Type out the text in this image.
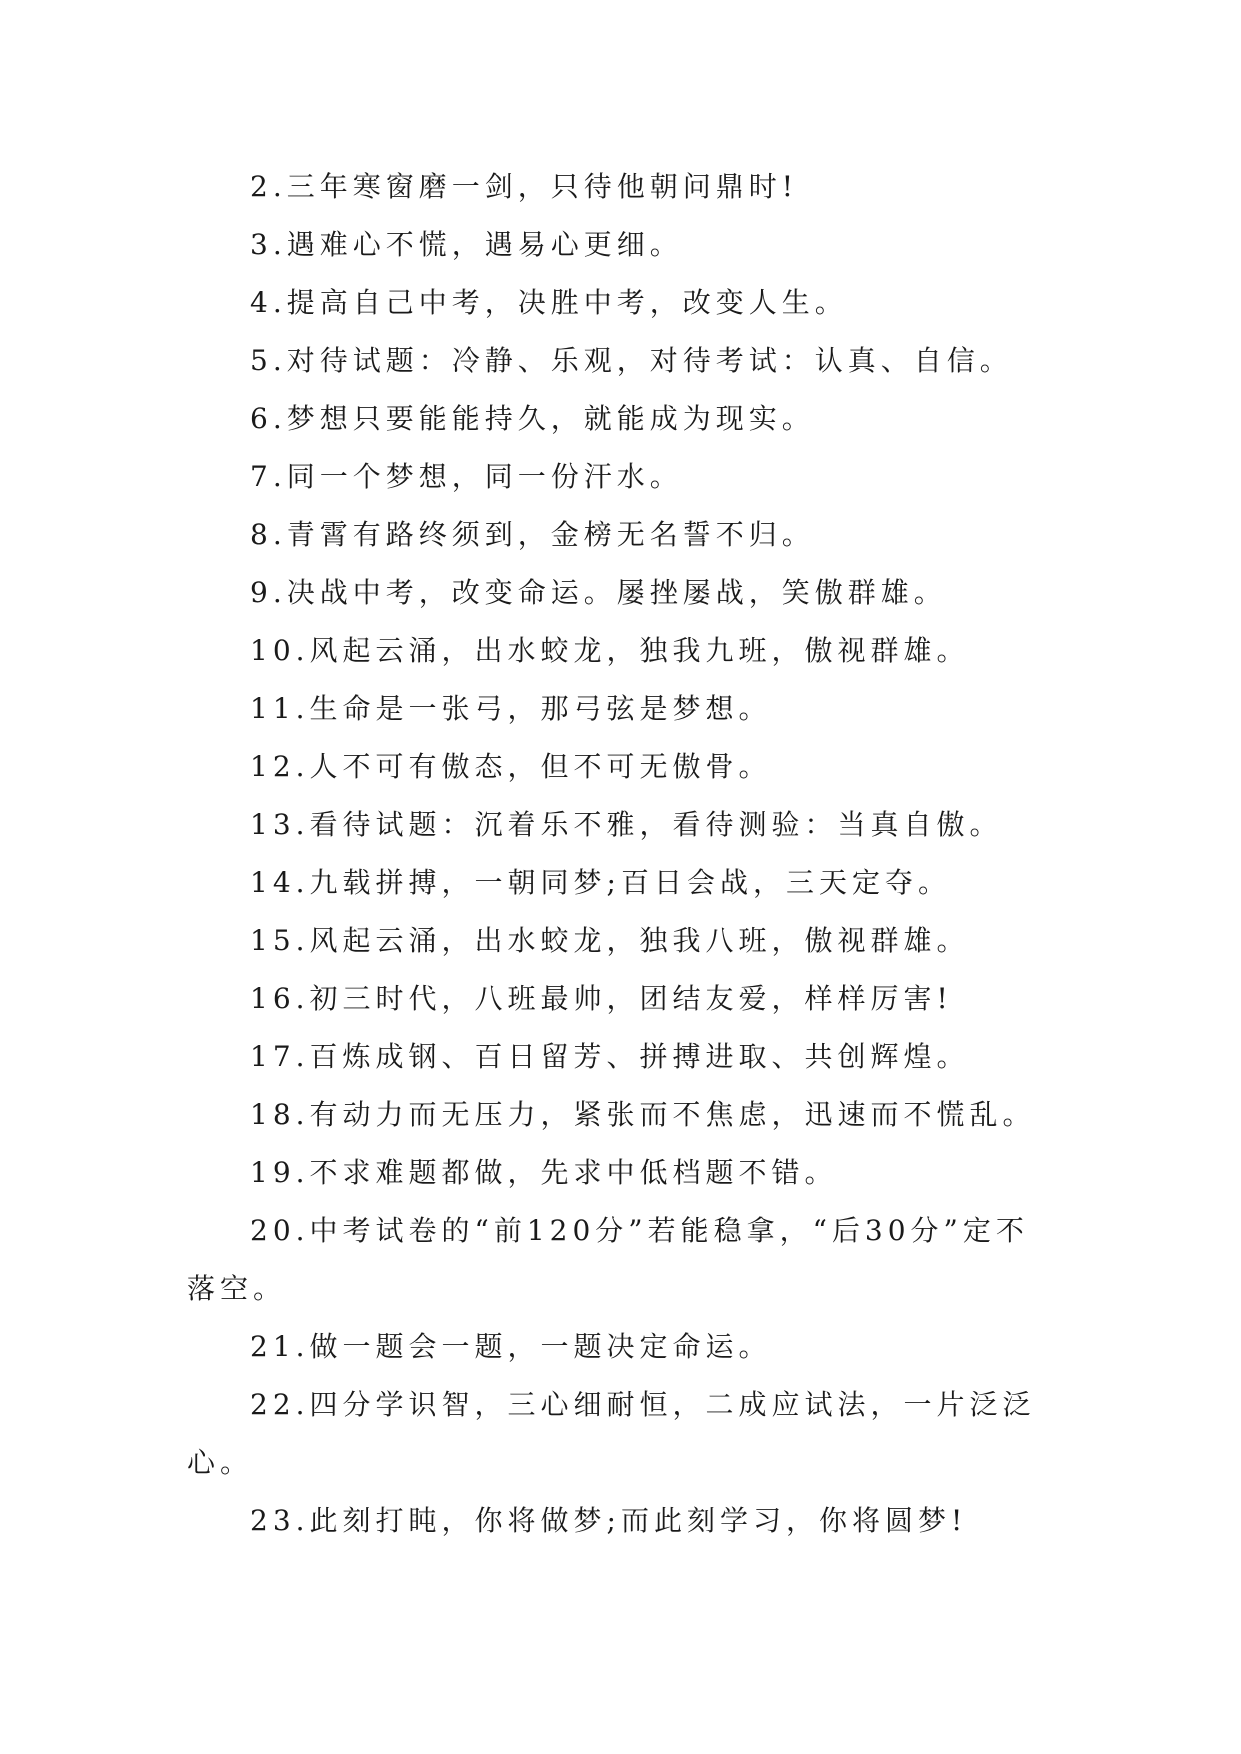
2.三年寒窗磨一剑，只待他朝问鼎时!

3.遇难心不慌，遇易心更细。

4.提高自己中考，决胜中考，改变人生。

5.对待试题：冷静、乐观，对待考试：认真、自信。

6.梦想只要能能持久，就能成为现实。

7.同一个梦想，同一份汗水。

8.青霄有路终须到，金榜无名誓不归。

9.决战中考，改变命运。屡挫屡战，笑傲群雄。

10.风起云涌，出水蛟龙，独我九班，傲视群雄。

11.生命是一张弓，那弓弦是梦想。

12.人不可有傲态，但不可无傲骨。

13.看待试题：沉着乐不雅，看待测验：当真自傲。

14.九载拼搏，一朝同梦;百日会战，三天定夺。

15.风起云涌，出水蛟龙，独我八班，傲视群雄。

16.初三时代，八班最帅，团结友爱，样样厉害!

17.百炼成钢、百日留芳、拼搏进取、共创辉煌。

18.有动力而无压力，紧张而不焦虑，迅速而不慌乱。

19.不求难题都做，先求中低档题不错。

20.中考试卷的“前120分”若能稳拿，“后30分”定不落空。

21.做一题会一题，一题决定命运。

22.四分学识智，三心细耐恒，二成应试法，一片泛泛心。

23.此刻打盹，你将做梦;而此刻学习，你将圆梦!
